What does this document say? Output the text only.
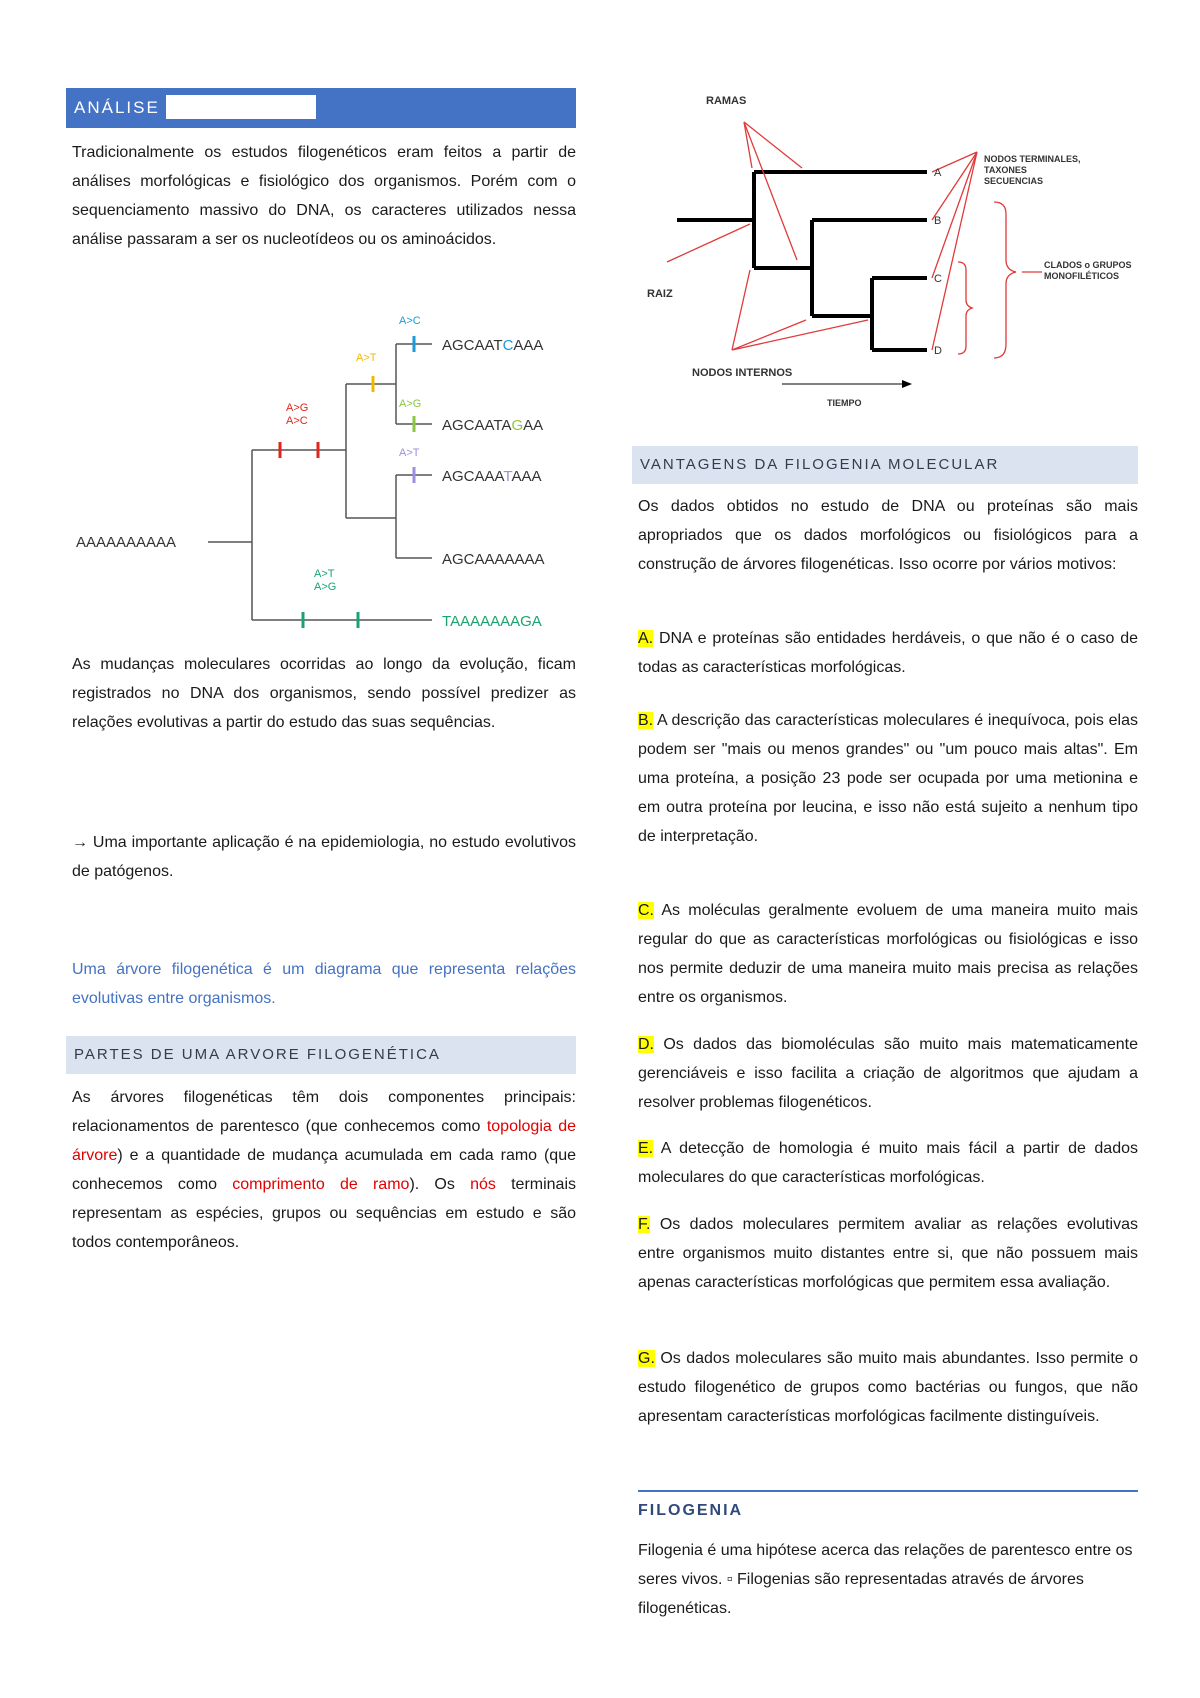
ANÁLISE

Tradicionalmente os estudos filogenéticos eram feitos a partir de análises morfológicas e fisiológico dos organismos. Porém com o sequenciamento massivo do DNA, os caracteres utilizados nessa análise passaram a ser os nucleotídeos ou os aminoácidos.

A>G
A>C
A>T
A>C
A>G
A>T
A>T
A>G
AAAAAAAAAA
AGCAATCAAA
AGCAATAGAA
AGCAAATAAA
AGCAAAAAAA
TAAAAAAAGA

As mudanças moleculares ocorridas ao longo da evolução, ficam registrados no DNA dos organismos, sendo possível predizer as relações evolutivas a partir do estudo das suas sequências.

→ Uma importante aplicação é na epidemiologia, no estudo evolutivos de patógenos.

Uma árvore filogenética é um diagrama que representa relações evolutivas entre organismos.

PARTES DE UMA ARVORE FILOGENÉTICA

As árvores filogenéticas têm dois componentes principais: relacionamentos de parentesco (que conhecemos como topologia de árvore) e a quantidade de mudança acumulada em cada ramo (que conhecemos como comprimento de ramo). Os nós terminais representam as espécies, grupos ou sequências em estudo e são todos contemporâneos.

RAMAS
RAIZ
NODOS INTERNOS
TIEMPO
A
B
C
D
NODOS TERMINALES,
TAXONES
SECUENCIAS
CLADOS o GRUPOS
MONOFILÉTICOS
VANTAGENS DA FILOGENIA MOLECULAR

Os dados obtidos no estudo de DNA ou proteínas são mais apropriados que os dados morfológicos ou fisiológicos para a construção de árvores filogenéticas. Isso ocorre por vários motivos:

A. DNA e proteínas são entidades herdáveis, o que não é o caso de todas as características morfológicas.

B. A descrição das características moleculares é inequívoca, pois elas podem ser "mais ou menos grandes" ou "um pouco mais altas". Em uma proteína, a posição 23 pode ser ocupada por uma metionina e em outra proteína por leucina, e isso não está sujeito a nenhum tipo de interpretação.

C. As moléculas geralmente evoluem de uma maneira muito mais regular do que as características morfológicas ou fisiológicas e isso nos permite deduzir de uma maneira muito mais precisa as relações entre os organismos.

D. Os dados das biomoléculas são muito mais matematicamente gerenciáveis e isso facilita a criação de algoritmos que ajudam a resolver problemas filogenéticos.

E. A detecção de homologia é muito mais fácil a partir de dados moleculares do que características morfológicas.

F. Os dados moleculares permitem avaliar as relações evolutivas entre organismos muito distantes entre si, que não possuem mais apenas características morfológicas que permitem essa avaliação.

G. Os dados moleculares são muito mais abundantes. Isso permite o estudo filogenético de grupos como bactérias ou fungos, que não apresentam características morfológicas facilmente distinguíveis.

FILOGENIA

Filogenia é uma hipótese acerca das relações de parentesco entre os seres vivos. ▫ Filogenias são representadas através de árvores filogenéticas.
